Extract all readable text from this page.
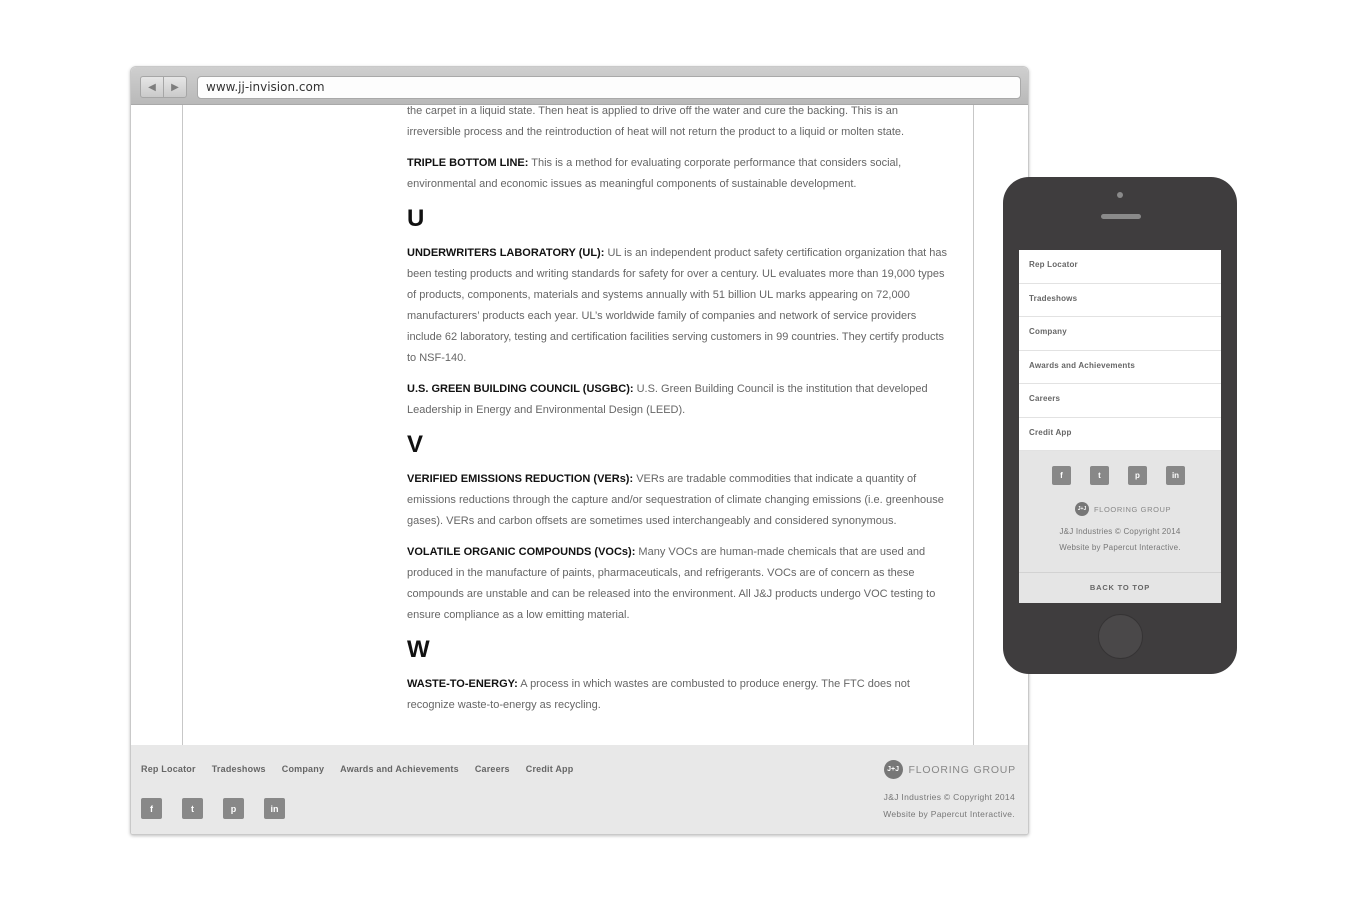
◀	▶	www.jj-invision.com

the carpet in a liquid state. Then heat is applied to drive off the water and cure the backing. This is an irreversible process and the reintroduction of heat will not return the product to a liquid or molten state.

TRIPLE BOTTOM LINE: This is a method for evaluating corporate performance that considers social, environmental and economic issues as meaningful components of sustainable development.

U

UNDERWRITERS LABORATORY (UL): UL is an independent product safety certification organization that has been testing products and writing standards for safety for over a century. UL evaluates more than 19,000 types of products, components, materials and systems annually with 51 billion UL marks appearing on 72,000 manufacturers’ products each year. UL’s worldwide family of companies and network of service providers include 62 laboratory, testing and certification facilities serving customers in 99 countries. They certify products to NSF-140.

U.S. GREEN BUILDING COUNCIL (USGBC): U.S. Green Building Council is the institution that developed Leadership in Energy and Environmental Design (LEED).

V

VERIFIED EMISSIONS REDUCTION (VERs): VERs are tradable commodities that indicate a quantity of emissions reductions through the capture and/or sequestration of climate changing emissions (i.e. greenhouse gases). VERs and carbon offsets are sometimes used interchangeably and considered synonymous.

VOLATILE ORGANIC COMPOUNDS (VOCs): Many VOCs are human-made chemicals that are used and produced in the manufacture of paints, pharmaceuticals, and refrigerants. VOCs are of concern as these compounds are unstable and can be released into the environment. All J&J products undergo VOC testing to ensure compliance as a low emitting material.

W

WASTE-TO-ENERGY: A process in which wastes are combusted to produce energy. The FTC does not recognize waste-to-energy as recycling.

Rep Locator Tradeshows Company Awards and Achievements Careers Credit App
f	t	p	in
J+J FLOORING GROUP
J&J Industries © Copyright 2014
Website by Papercut Interactive.
Rep Locator
Tradeshows
Company
Awards and Achievements
Careers
Credit App
f	t	p	in
J+J	FLOORING GROUP
J&J Industries © Copyright 2014
Website by Papercut Interactive.
BACK TO TOP
